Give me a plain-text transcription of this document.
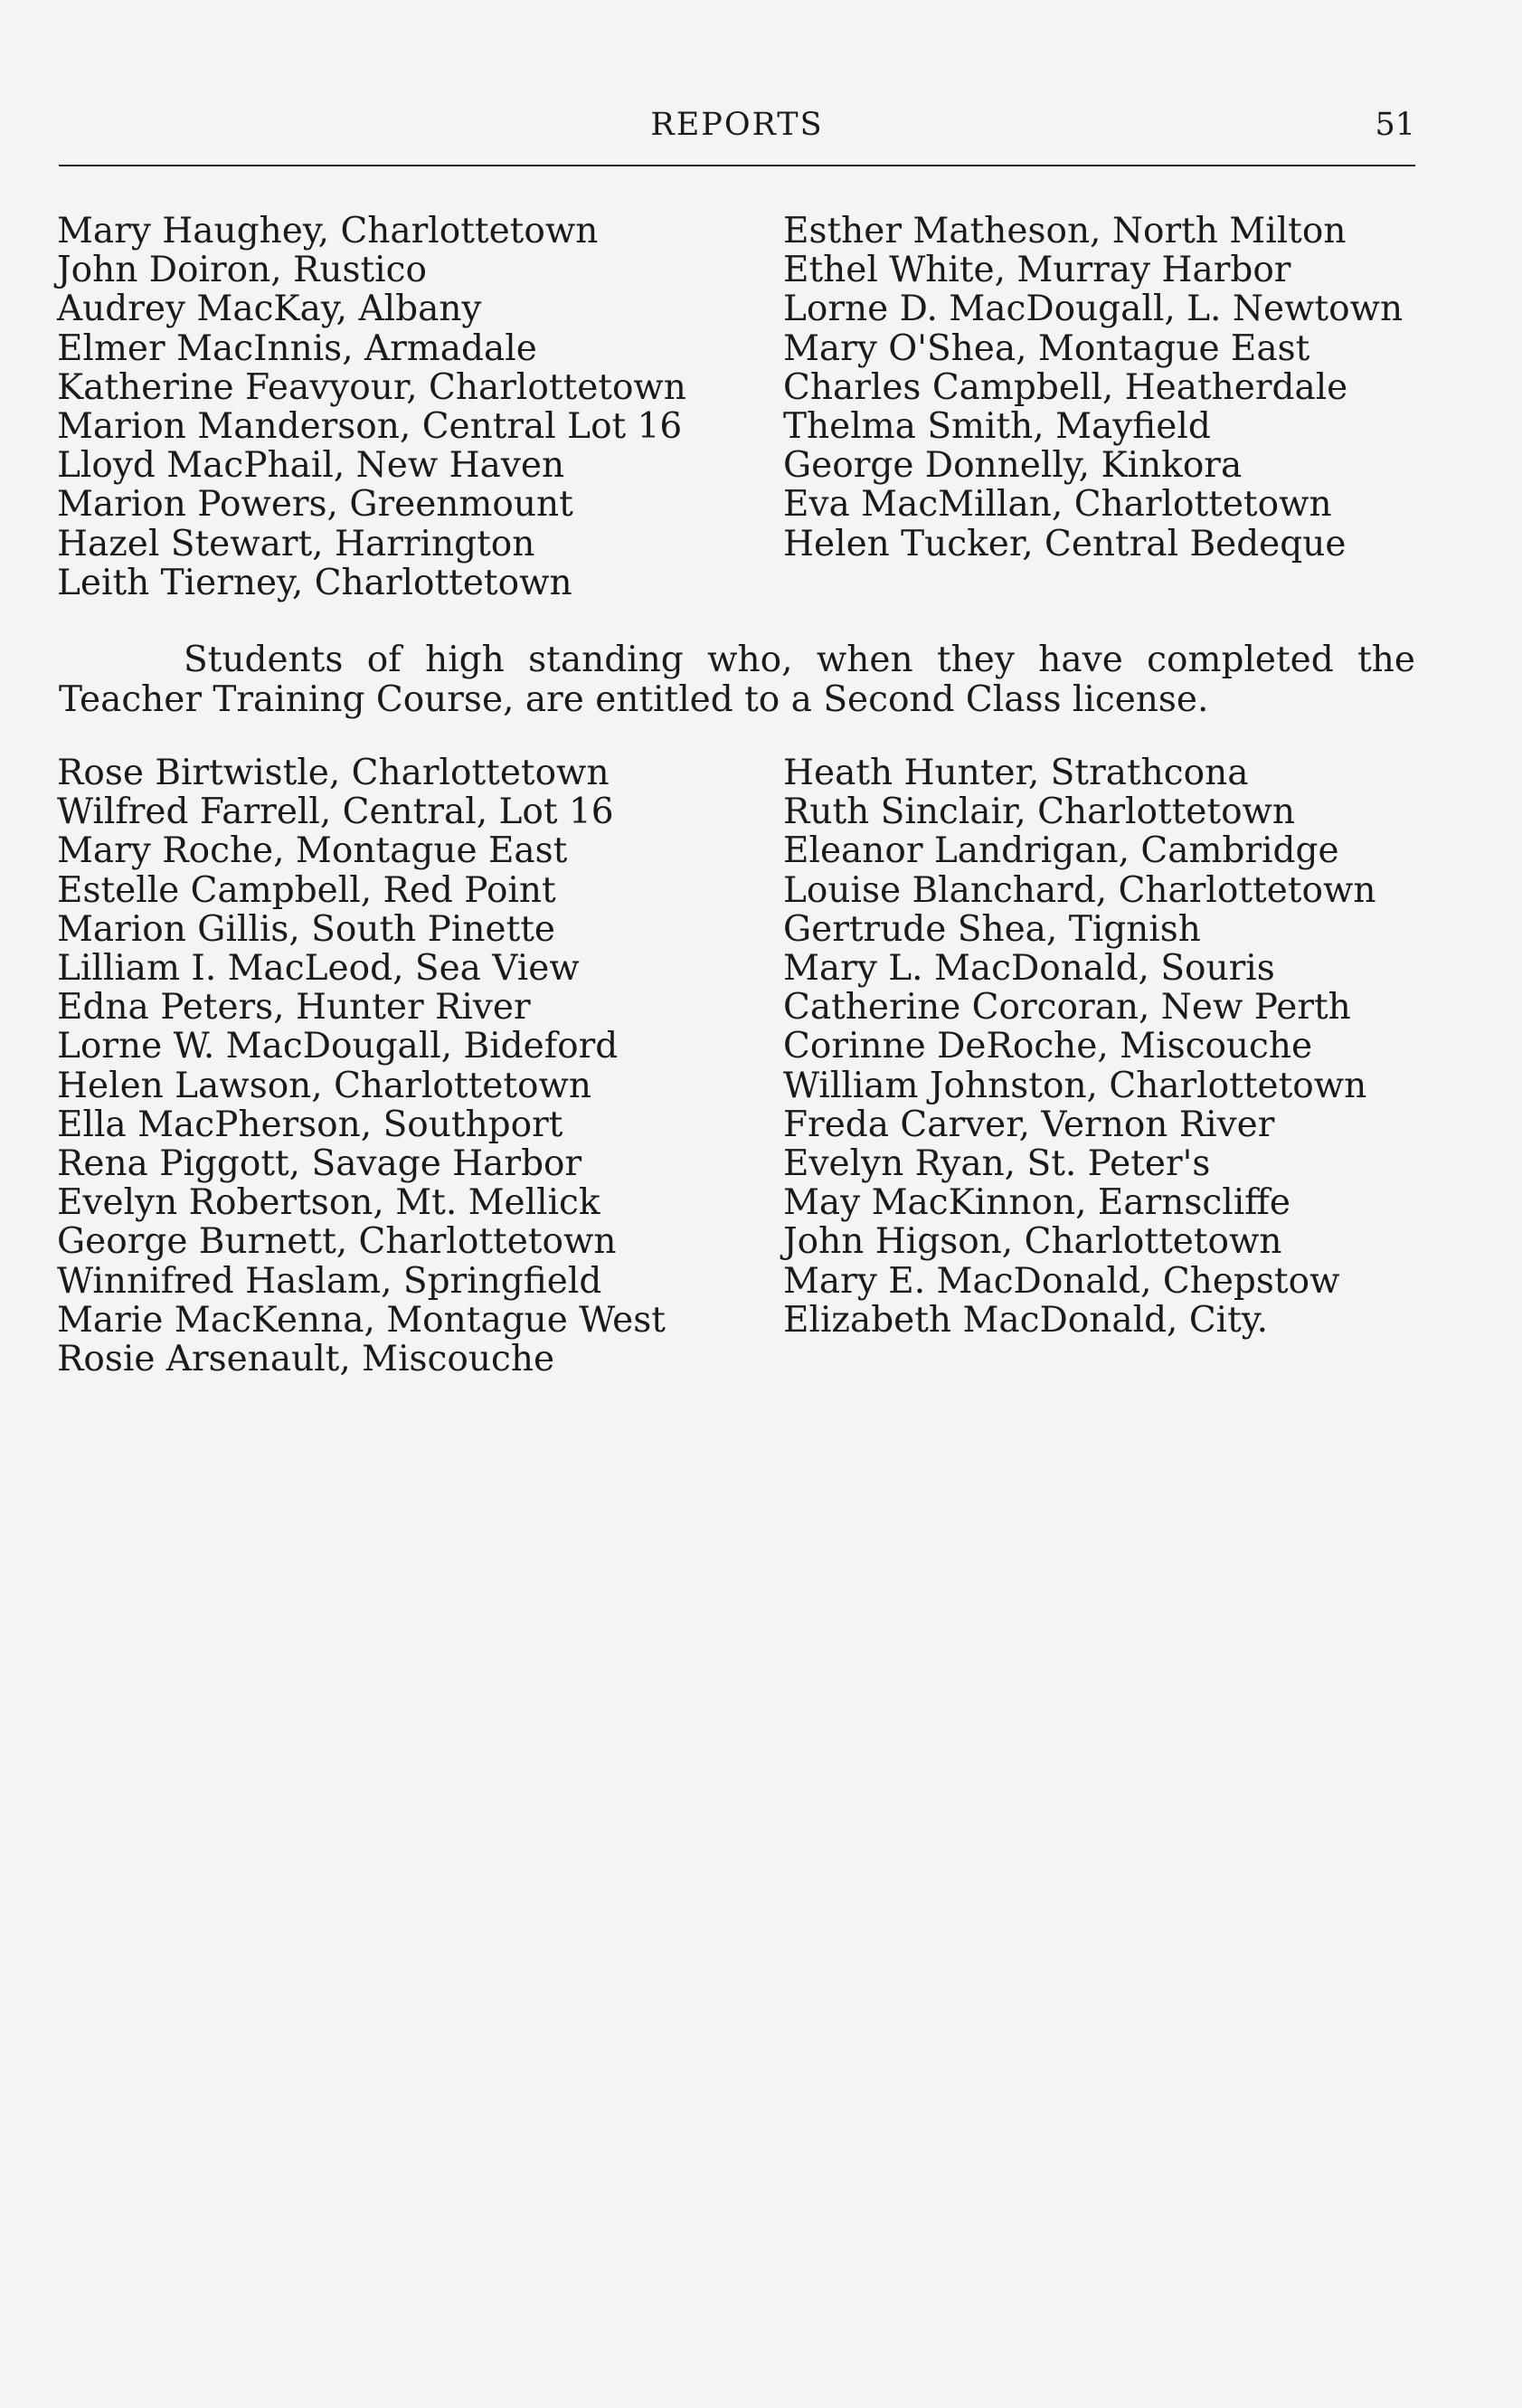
REPORTS	51
Mary Haughey, Charlottetown
John Doiron, Rustico
Audrey MacKay, Albany
Elmer MacInnis, Armadale
Katherine Feavyour, Charlottetown
Marion Manderson, Central Lot 16
Lloyd MacPhail, New Haven
Marion Powers, Greenmount
Hazel Stewart, Harrington
Leith Tierney, Charlottetown
Esther Matheson, North Milton
Ethel White, Murray Harbor
Lorne D. MacDougall, L. Newtown
Mary O'Shea, Montague East
Charles Campbell, Heatherdale
Thelma Smith, Mayfield
George Donnelly, Kinkora
Eva MacMillan, Charlottetown
Helen Tucker, Central Bedeque

Students of high standing who, when they have completed the Teacher Training Course, are entitled to a Second Class license.

Rose Birtwistle, Charlottetown
Wilfred Farrell, Central, Lot 16
Mary Roche, Montague East
Estelle Campbell, Red Point
Marion Gillis, South Pinette
Lilliam I. MacLeod, Sea View
Edna Peters, Hunter River
Lorne W. MacDougall, Bideford
Helen Lawson, Charlottetown
Ella MacPherson, Southport
Rena Piggott, Savage Harbor
Evelyn Robertson, Mt. Mellick
George Burnett, Charlottetown
Winnifred Haslam, Springfield
Marie MacKenna, Montague West
Rosie Arsenault, Miscouche
Heath Hunter, Strathcona
Ruth Sinclair, Charlottetown
Eleanor Landrigan, Cambridge
Louise Blanchard, Charlottetown
Gertrude Shea, Tignish
Mary L. MacDonald, Souris
Catherine Corcoran, New Perth
Corinne DeRoche, Miscouche
William Johnston, Charlottetown
Freda Carver, Vernon River
Evelyn Ryan, St. Peter's
May MacKinnon, Earnscliffe
John Higson, Charlottetown
Mary E. MacDonald, Chepstow
Elizabeth MacDonald, City.
